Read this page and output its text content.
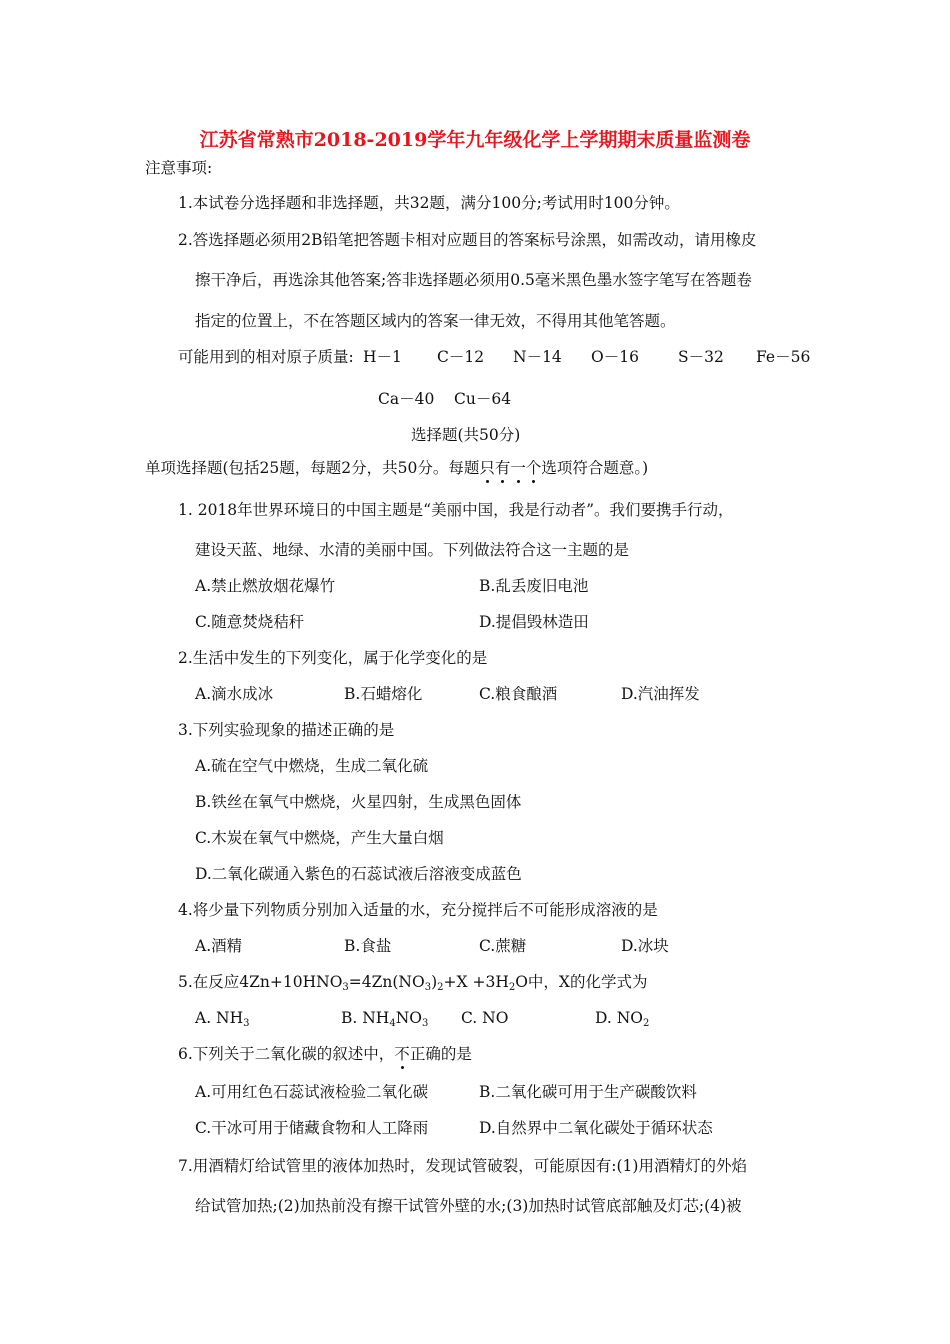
江苏省常熟市2018-2019学年九年级化学上学期期末质量监测卷
注意事项:
1.本试卷分选择题和非选择题，共32题，满分100分;考试用时100分钟。
2.答选择题必须用2B铅笔把答题卡相对应题目的答案标号涂黑，如需改动，请用橡皮
擦干净后，再选涂其他答案;答非选择题必须用0.5毫米黑色墨水签字笔写在答题卷
指定的位置上，不在答题区域内的答案一律无效，不得用其他笔答题。
可能用到的相对原子质量: H－1 C－12 N－14 O－16	S－32 Fe－56
Ca－40 Cu－64
选择题(共50分)
单项选择题(包括25题，每题2分，共50分。每题只有一个选项符合题意。)
1. 2018年世界环境日的中国主题是“美丽中国，我是行动者”。我们要携手行动，
建设天蓝、地绿、水清的美丽中国。下列做法符合这一主题的是
A.禁止燃放烟花爆竹	B.乱丢废旧电池
C.随意焚烧秸秆	D.提倡毁林造田
2.生活中发生的下列变化，属于化学变化的是
A.滴水成冰	B.石蜡熔化	C.粮食酿酒	D.汽油挥发
3.下列实验现象的描述正确的是
A.硫在空气中燃烧，生成二氧化硫
B.铁丝在氧气中燃烧，火星四射，生成黑色固体
C.木炭在氧气中燃烧，产生大量白烟
D.二氧化碳通入紫色的石蕊试液后溶液变成蓝色
4.将少量下列物质分别加入适量的水，充分搅拌后不可能形成溶液的是
A.酒精	B.食盐	C.蔗糖	D.冰块
5.在反应$4Zn+10HNO_3=4Zn(NO_3)_2+X +3H_2O$中，X的化学式为
A. $NH_3$	B. $NH_4NO_3$ C. NO	D. $NO_2$
6.下列关于二氧化碳的叙述中，不正确的是
A.可用红色石蕊试液检验二氧化碳	B.二氧化碳可用于生产碳酸饮料
C.干冰可用于储藏食物和人工降雨	D.自然界中二氧化碳处于循环状态
7.用酒精灯给试管里的液体加热时，发现试管破裂，可能原因有:(1)用酒精灯的外焰
给试管加热;(2)加热前没有擦干试管外壁的水;(3)加热时试管底部触及灯芯;(4)被
